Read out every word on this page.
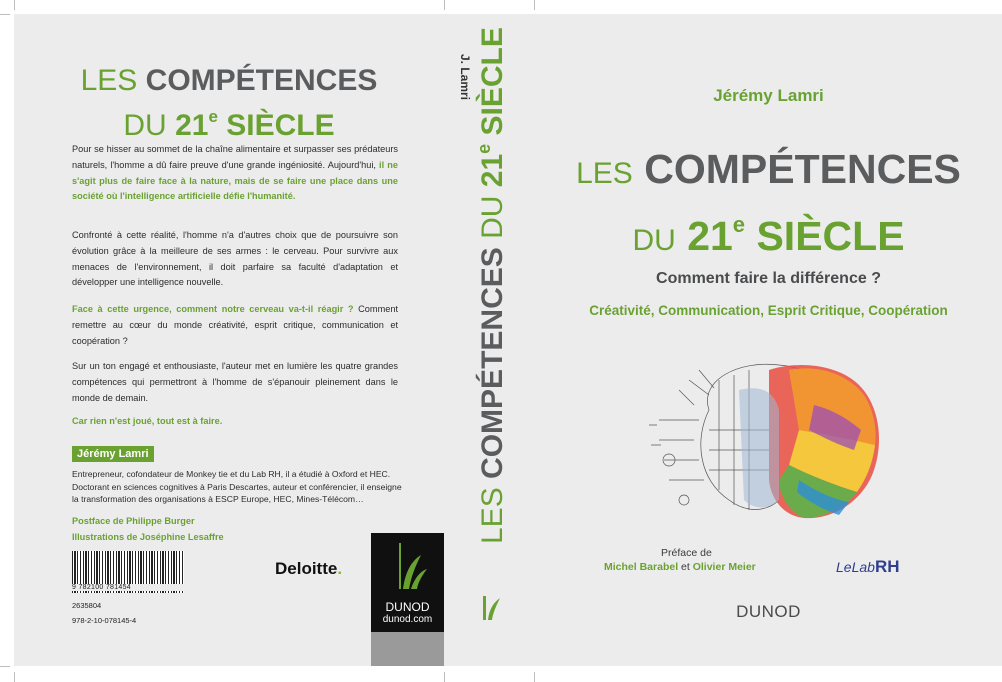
LES COMPÉTENCES
DU 21e SIÈCLE
Pour se hisser au sommet de la chaîne alimentaire et surpasser ses prédateurs naturels, l'homme a dû faire preuve d'une grande ingéniosité. Aujourd'hui, il ne s'agit plus de faire face à la nature, mais de se faire une place dans une société où l'intelligence artificielle défie l'humanité.
Confronté à cette réalité, l'homme n'a d'autres choix que de poursuivre son évolution grâce à la meilleure de ses armes : le cerveau. Pour survivre aux menaces de l'environnement, il doit parfaire sa faculté d'adaptation et développer une intelligence nouvelle.
Face à cette urgence, comment notre cerveau va-t-il réagir ? Comment remettre au cœur du monde créativité, esprit critique, communication et coopération ?
Sur un ton engagé et enthousiaste, l'auteur met en lumière les quatre grandes compétences qui permettront à l'homme de s'épanouir pleinement dans le monde de demain.
Car rien n'est joué, tout est à faire.
Jérémy Lamri
Entrepreneur, cofondateur de Monkey tie et du Lab RH, il a étudié à Oxford et HEC. Doctorant en sciences cognitives à Paris Descartes, auteur et conférencier, il enseigne la transformation des organisations à ESCP Europe, HEC, Mines-Télécom…
Postface de Philippe Burger
Illustrations de Joséphine Lesaffre
9 782100 781454
2635804
978-2-10-078145-4
Deloitte.
DUNOD
dunod.com
J. Lamri
LES COMPÉTENCES DU 21e SIÈCLE	Jérémy Lamri
LES COMPÉTENCES
DU 21e SIÈCLE
Comment faire la différence ?
Créativité, Communication, Esprit Critique, Coopération
Préface de
Michel Barabel et Olivier Meier	LeLabRH
DUNOD
